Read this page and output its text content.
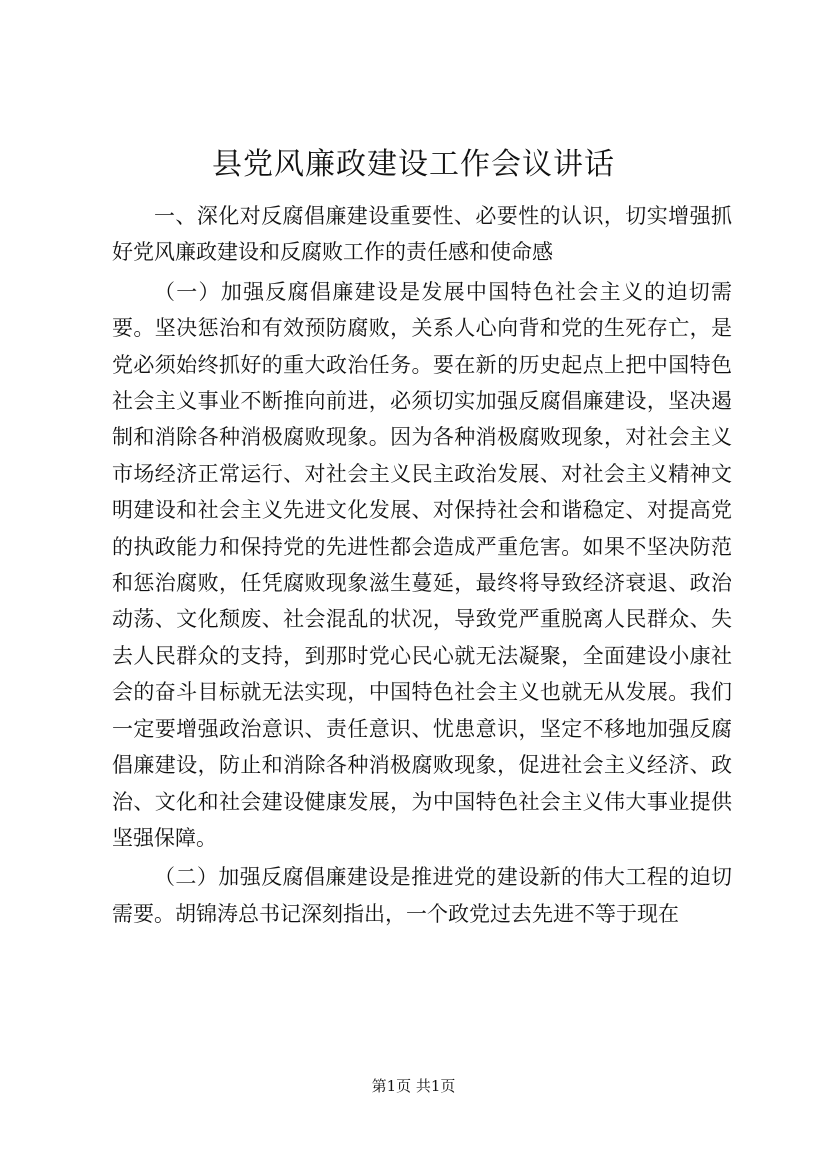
县党风廉政建设工作会议讲话

一、深化对反腐倡廉建设重要性、必要性的认识，切实增强抓好党风廉政建设和反腐败工作的责任感和使命感

（一）加强反腐倡廉建设是发展中国特色社会主义的迫切需要。坚决惩治和有效预防腐败，关系人心向背和党的生死存亡，是党必须始终抓好的重大政治任务。要在新的历史起点上把中国特色社会主义事业不断推向前进，必须切实加强反腐倡廉建设，坚决遏制和消除各种消极腐败现象。因为各种消极腐败现象，对社会主义市场经济正常运行、对社会主义民主政治发展、对社会主义精神文明建设和社会主义先进文化发展、对保持社会和谐稳定、对提高党的执政能力和保持党的先进性都会造成严重危害。如果不坚决防范和惩治腐败，任凭腐败现象滋生蔓延，最终将导致经济衰退、政治动荡、文化颓废、社会混乱的状况，导致党严重脱离人民群众、失去人民群众的支持，到那时党心民心就无法凝聚，全面建设小康社会的奋斗目标就无法实现，中国特色社会主义也就无从发展。我们一定要增强政治意识、责任意识、忧患意识，坚定不移地加强反腐倡廉建设，防止和消除各种消极腐败现象，促进社会主义经济、政治、文化和社会建设健康发展，为中国特色社会主义伟大事业提供坚强保障。

（二）加强反腐倡廉建设是推进党的建设新的伟大工程的迫切需要。胡锦涛总书记深刻指出，一个政党过去先进不等于现在

第1页 共1页
